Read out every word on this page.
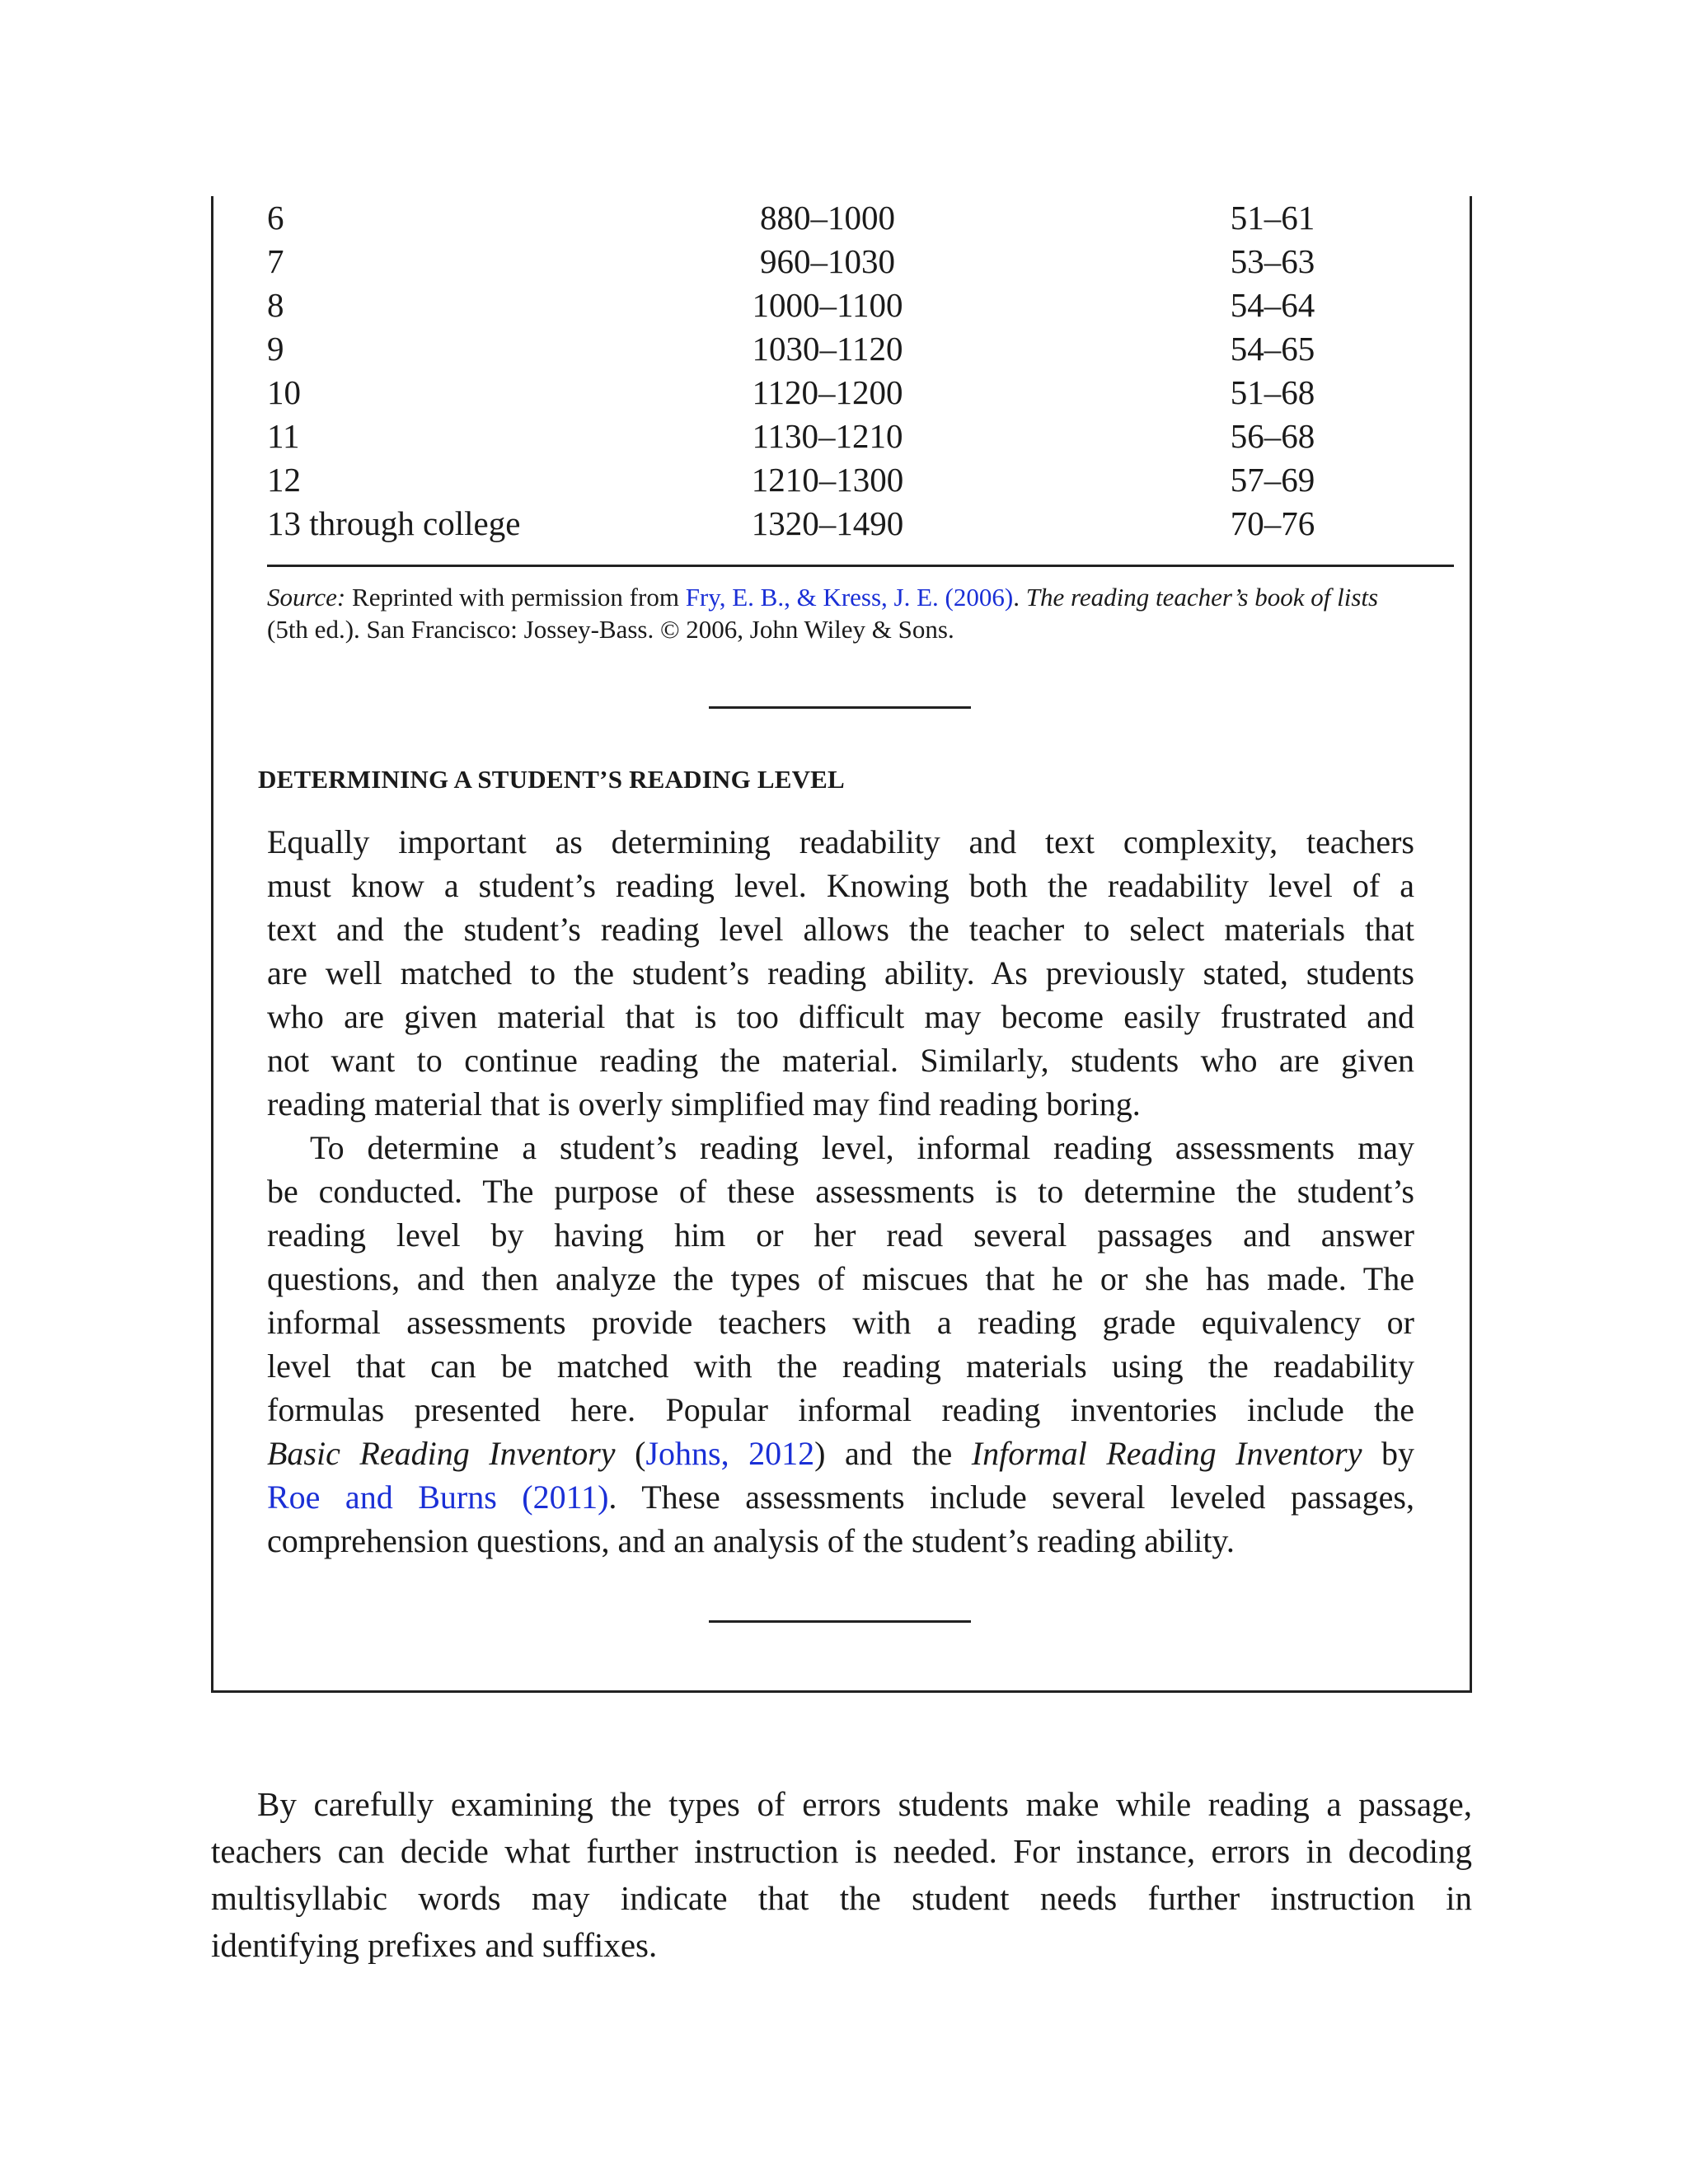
6	880–1000	51–61
7	960–1030	53–63
8	1000–1100	54–64
9	1030–1120	54–65
10	1120–1200	51–68
11	1130–1210	56–68
12	1210–1300	57–69
13 through college	1320–1490	70–76
Source: Reprinted with permission from Fry, E. B., & Kress, J. E. (2006). The reading teacher’s book of lists
(5th ed.). San Francisco: Jossey-Bass. © 2006, John Wiley & Sons.
DETERMINING A STUDENT’S READING LEVEL
Equally important as determining readability and text complexity, teachers
must know a student’s reading level. Knowing both the readability level of a
text and the student’s reading level allows the teacher to select materials that
are well matched to the student’s reading ability. As previously stated, students
who are given material that is too difficult may become easily frustrated and
not want to continue reading the material. Similarly, students who are given
reading material that is overly simplified may find reading boring.
To determine a student’s reading level, informal reading assessments may
be conducted. The purpose of these assessments is to determine the student’s
reading level by having him or her read several passages and answer
questions, and then analyze the types of miscues that he or she has made. The
informal assessments provide teachers with a reading grade equivalency or
level that can be matched with the reading materials using the readability
formulas presented here. Popular informal reading inventories include the
Basic Reading Inventory (Johns, 2012) and the Informal Reading Inventory by
Roe and Burns (2011). These assessments include several leveled passages,
comprehension questions, and an analysis of the student’s reading ability.
By carefully examining the types of errors students make while reading a passage,
teachers can decide what further instruction is needed. For instance, errors in decoding
multisyllabic words may indicate that the student needs further instruction in
identifying prefixes and suffixes.
